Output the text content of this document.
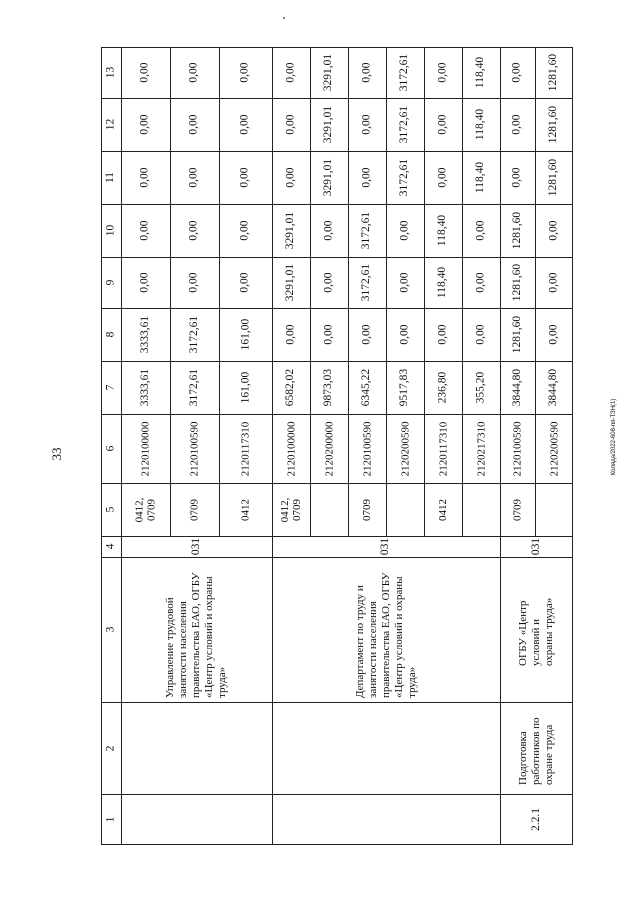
33	Коляда/2022-608-пп-ТЗН(1)
1
2
3
4
5
6
7
8
9
10
11
12
13
Управление трудовой занятости населения правительства ЕАО, ОГБУ «Центр условий и охраны труда»
031
0412, 0709
2120100000
3333,61
3333,61
0,00
0,00
0,00
0,00
0,00
0709
2120100590
3172,61
3172,61
0,00
0,00
0,00
0,00
0,00
0412
2120117310
161,00
161,00
0,00
0,00
0,00
0,00
0,00
Департамент по труду и занятости населения правительства ЕАО, ОГБУ «Центр условий и охраны труда»
031
0412, 0709
2120100000
6582,02
0,00
3291,01
3291,01
0,00
0,00
0,00
2120200000
9873,03
0,00
0,00
0,00
3291,01
3291,01
3291,01
0709
2120100590
6345,22
0,00
3172,61
3172,61
0,00
0,00
0,00
2120200590
9517,83
0,00
0,00
0,00
3172,61
3172,61
3172,61
0412
2120117310
236,80
0,00
118,40
118,40
0,00
0,00
0,00
2120217310
355,20
0,00
0,00
0,00
118,40
118,40
118,40
2.2.1
Подготовка работников по охране труда
ОГБУ «Центр условий и охраны труда»
031
0709
2120100590
3844,80
1281,60
1281,60
1281,60
0,00
0,00
0,00
2120200590
3844,80
0,00
0,00
0,00
1281,60
1281,60
1281,60
